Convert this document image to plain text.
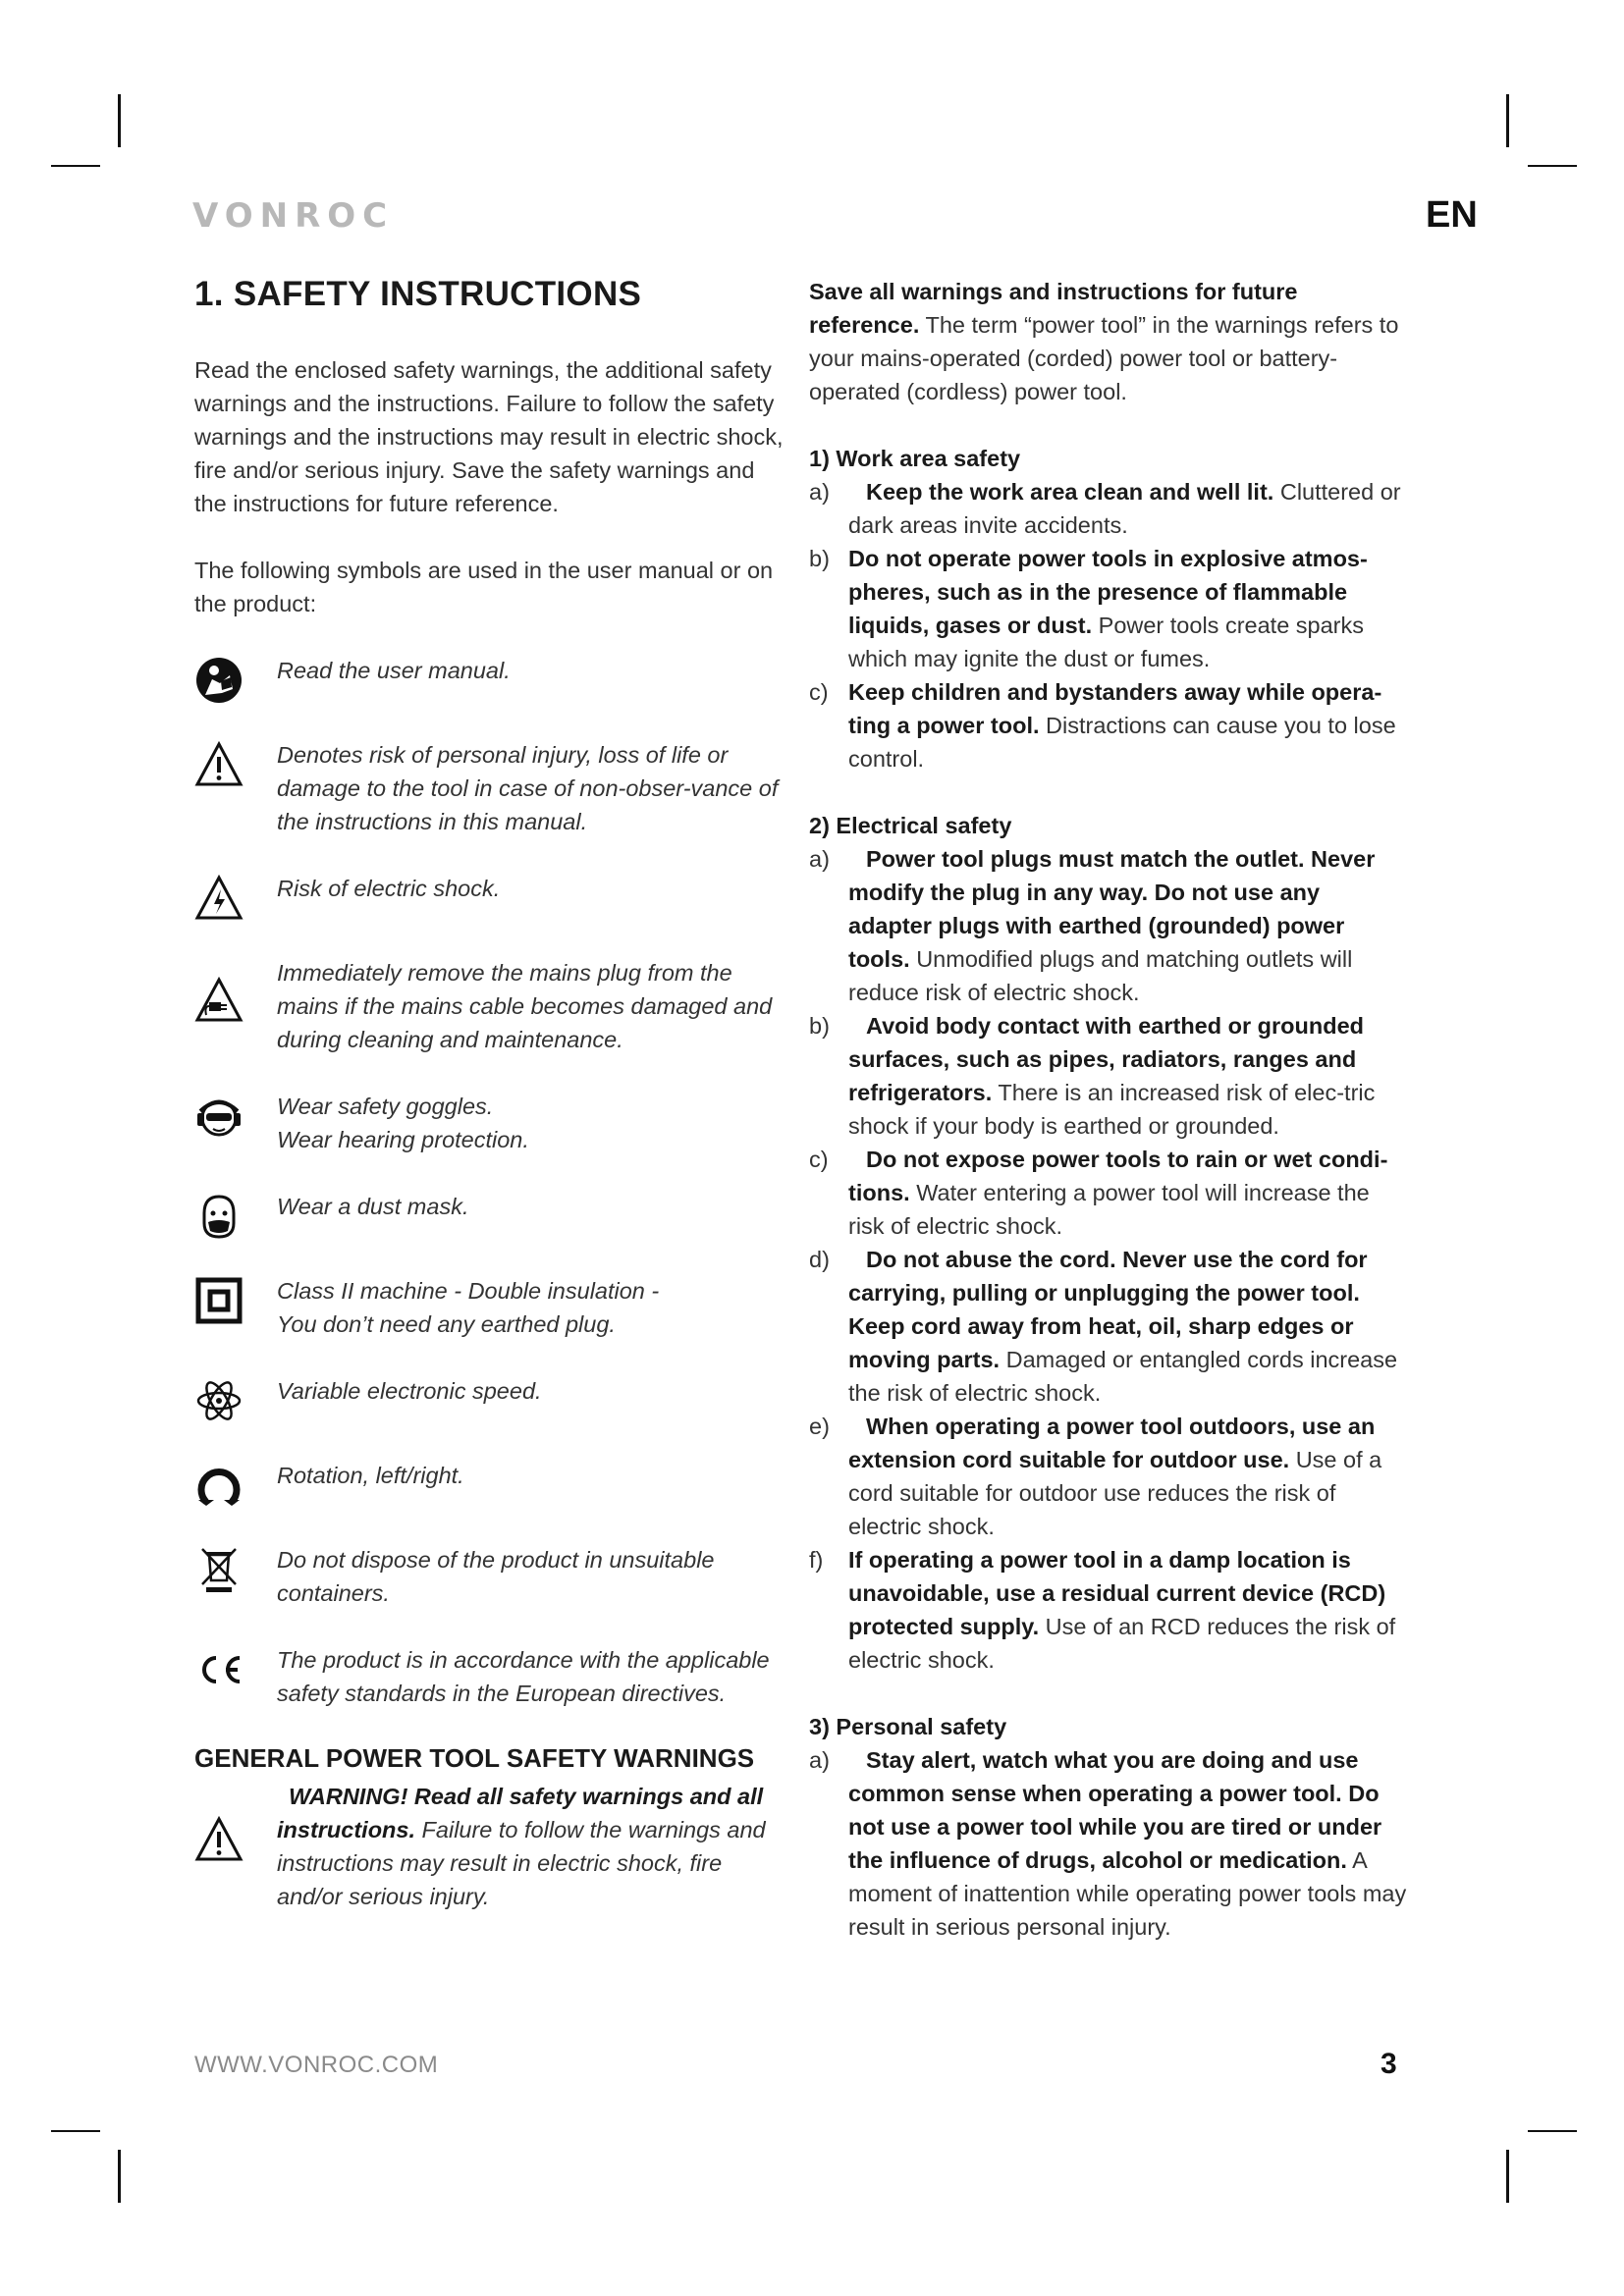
VONROC	EN
1. SAFETY INSTRUCTIONS

Read the enclosed safety warnings, the additional safety warnings and the instructions. Failure to follow the safety warnings and the instructions may result in electric shock, fire and/or serious injury. Save the safety warnings and the instructions for future reference.

The following symbols are used in the user manual or on the product:

Read the user manual.
Denotes risk of personal injury, loss of life or damage to the tool in case of non-obser-vance of the instructions in this manual.
Risk of electric shock.
Immediately remove the mains plug from the mains if the mains cable becomes damaged and during cleaning and maintenance.
Wear safety goggles.
Wear hearing protection.
Wear a dust mask.
Class II machine - Double insulation -
You don’t need any earthed plug.
Variable electronic speed.
Rotation, left/right.
Do not dispose of the product in unsuitable containers.
The product is in accordance with the applicable safety standards in the European directives.
GENERAL POWER TOOL SAFETY WARNINGS
WARNING! Read all safety warnings and all instructions. Failure to follow the warnings and instructions may result in electric shock, fire and/or serious injury.

Save all warnings and instructions for future reference. The term “power tool” in the warnings refers to your mains-operated (corded) power tool or battery-operated (cordless) power tool.

1) Work area safety
a)	Keep the work area clean and well lit. Cluttered or dark areas invite accidents.
b) Do not operate power tools in explosive atmos-pheres, such as in the presence of flammable liquids, gases or dust. Power tools create sparks which may ignite the dust or fumes.
c) Keep children and bystanders away while opera-ting a power tool. Distractions can cause you to lose control.
2) Electrical safety
a)	Power tool plugs must match the outlet. Never modify the plug in any way. Do not use any adapter plugs with earthed (grounded) power tools. Unmodified plugs and matching outlets will reduce risk of electric shock.
b)	Avoid body contact with earthed or grounded surfaces, such as pipes, radiators, ranges and refrigerators. There is an increased risk of elec-tric shock if your body is earthed or grounded.
c)	Do not expose power tools to rain or wet condi-tions. Water entering a power tool will increase the risk of electric shock.
d)	Do not abuse the cord. Never use the cord for carrying, pulling or unplugging the power tool. Keep cord away from heat, oil, sharp edges or moving parts. Damaged or entangled cords increase the risk of electric shock.
e)	When operating a power tool outdoors, use an extension cord suitable for outdoor use. Use of a cord suitable for outdoor use reduces the risk of electric shock.
f)	If operating a power tool in a damp location is unavoidable, use a residual current device (RCD) protected supply. Use of an RCD reduces the risk of electric shock.
3) Personal safety
a)	Stay alert, watch what you are doing and use common sense when operating a power tool. Do not use a power tool while you are tired or under the influence of drugs, alcohol or medication. A moment of inattention while operating power tools may result in serious personal injury.
WWW.VONROC.COM	3
